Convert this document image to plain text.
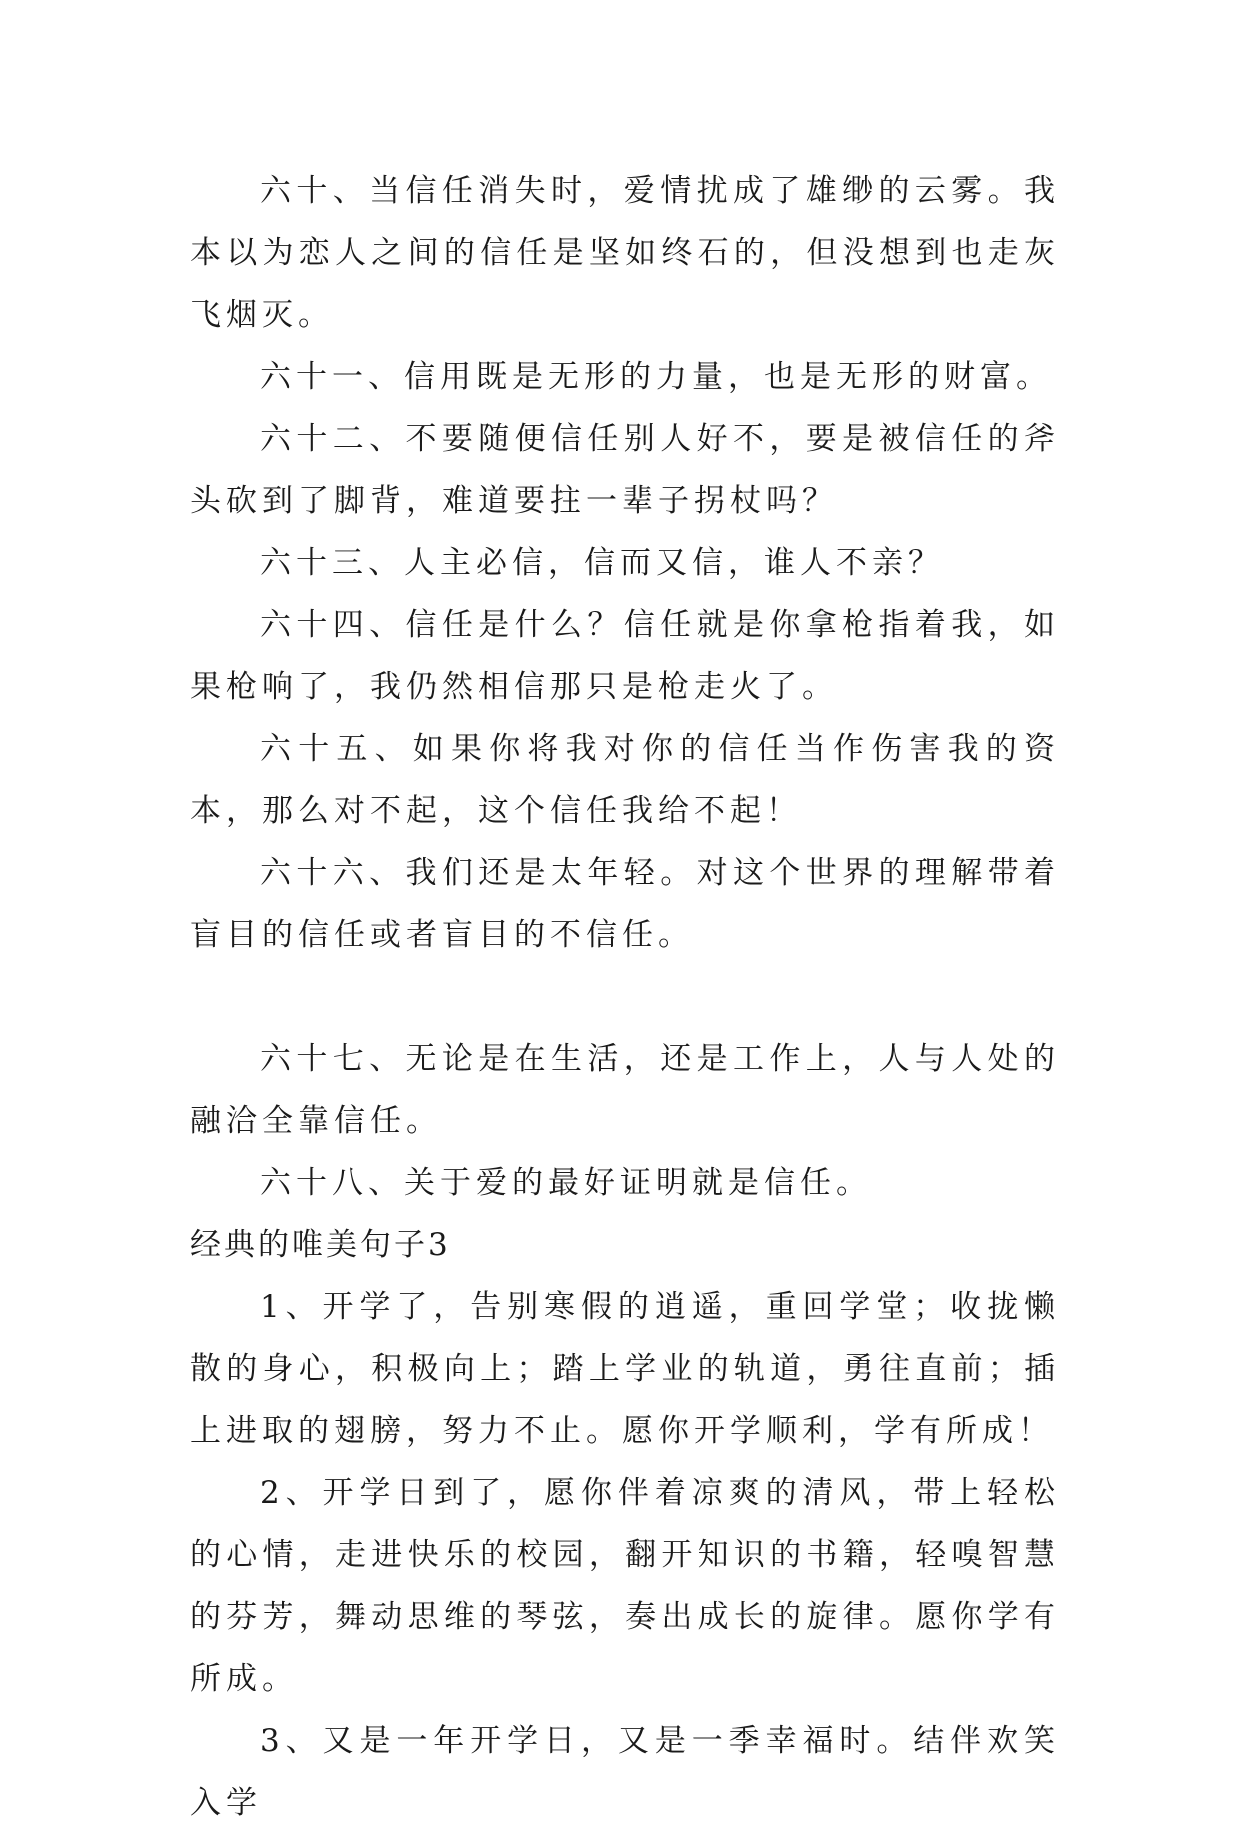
六十、当信任消失时，爱情扰成了雄缈的云雾。我本以为恋人之间的信任是坚如终石的，但没想到也走灰飞烟灭。

六十一、信用既是无形的力量，也是无形的财富。

六十二、不要随便信任别人好不，要是被信任的斧头砍到了脚背，难道要拄一辈子拐杖吗？

六十三、人主必信，信而又信，谁人不亲？

六十四、信任是什么？信任就是你拿枪指着我，如果枪响了，我仍然相信那只是枪走火了。

六十五、如果你将我对你的信任当作伤害我的资本，那么对不起，这个信任我给不起！

六十六、我们还是太年轻。对这个世界的理解带着盲目的信任或者盲目的不信任。

六十七、无论是在生活，还是工作上，人与人处的融洽全靠信任。

六十八、关于爱的最好证明就是信任。

经典的唯美句子3

1、开学了，告别寒假的逍遥，重回学堂；收拢懒散的身心，积极向上；踏上学业的轨道，勇往直前；插上进取的翅膀，努力不止。愿你开学顺利，学有所成！

2、开学日到了，愿你伴着凉爽的清风，带上轻松的心情，走进快乐的校园，翻开知识的书籍，轻嗅智慧的芬芳，舞动思维的琴弦，奏出成长的旋律。愿你学有所成。

3、又是一年开学日，又是一季幸福时。结伴欢笑入学
